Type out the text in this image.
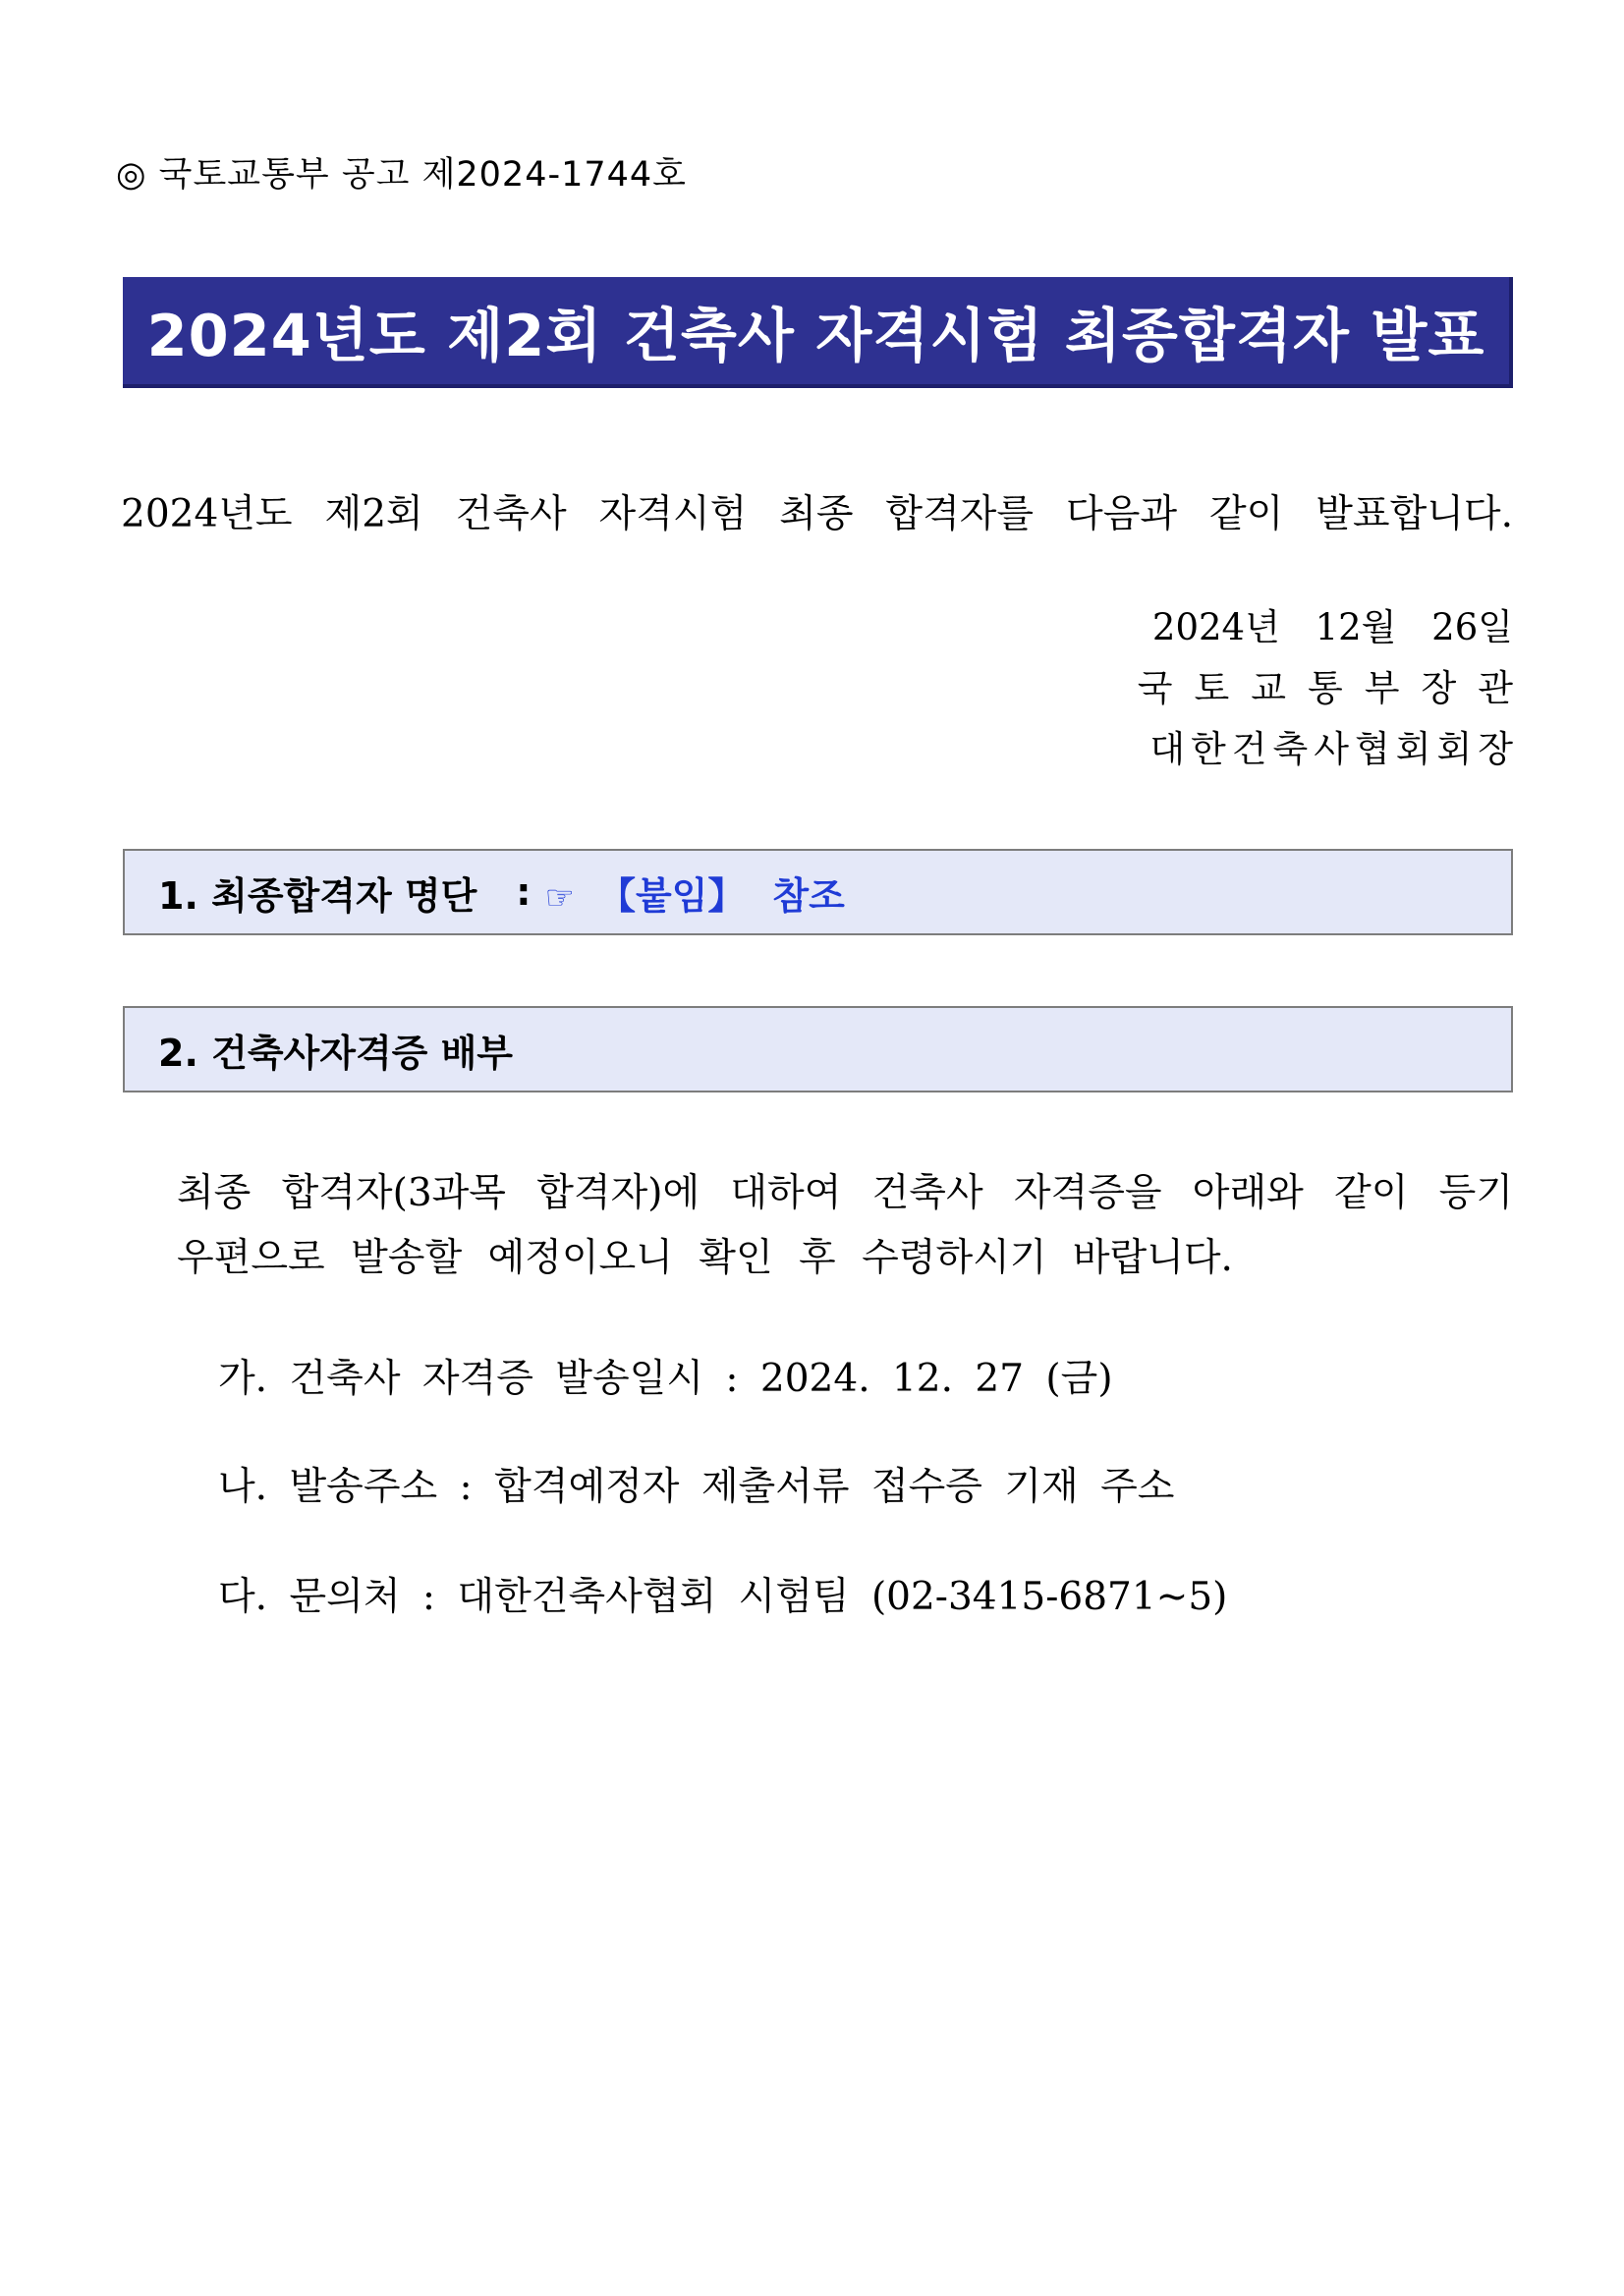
◎ 국토교통부 공고 제2024-1744호
2024년도 제2회 건축사 자격시험 최종합격자 발표
2024년도 제2회 건축사 자격시험 최종 합격자를 다음과 같이 발표합니다.
2024년 12월 26일
국토교통부장관
대한건축사협회회장
1. 최종합격자 명단 : ☞ 【붙임】 참조
2. 건축사자격증 배부
최종 합격자(3과목 합격자)에 대하여 건축사 자격증을 아래와 같이 등기
우편으로 발송할 예정이오니 확인 후 수령하시기 바랍니다.
가. 건축사 자격증 발송일시 : 2024. 12. 27 (금)
나. 발송주소 : 합격예정자 제출서류 접수증 기재 주소
다. 문의처 : 대한건축사협회 시험팀 (02-3415-6871~5)
